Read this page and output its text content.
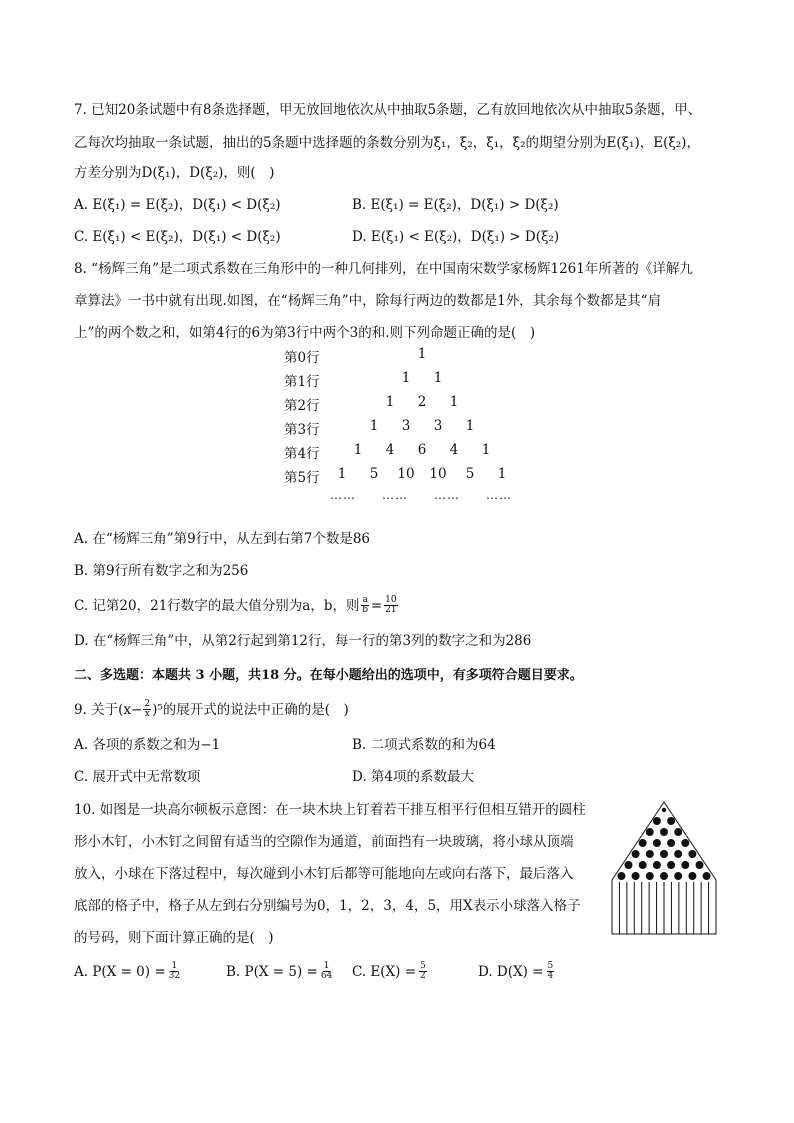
7. 已知20条试题中有8条选择题，甲无放回地依次从中抽取5条题，乙有放回地依次从中抽取5条题，甲、
乙每次均抽取一条试题，抽出的5条题中选择题的条数分别为ξ₁，ξ₂，ξ₁，ξ₂的期望分别为E(ξ₁)，E(ξ₂)，
方差分别为D(ξ₁)，D(ξ₂)，则(　)
A. E(ξ₁) = E(ξ₂)，D(ξ₁) < D(ξ₂)	B. E(ξ₁) = E(ξ₂)，D(ξ₁) > D(ξ₂)
C. E(ξ₁) < E(ξ₂)，D(ξ₁) < D(ξ₂)	D. E(ξ₁) < E(ξ₂)，D(ξ₁) > D(ξ₂)
8. “杨辉三角”是二项式系数在三角形中的一种几何排列，在中国南宋数学家杨辉1261年所著的《详解九
章算法》一书中就有出现.如图，在“杨辉三角”中，除每行两边的数都是1外，其余每个数都是其“肩
上”的两个数之和，如第4行的6为第3行中两个3的和.则下列命题正确的是(　)
第0行	1
第1行	1	1
第2行	1	2	1
第3行	1	3	3	1
第4行	1	4	6	4	1
第5行	1	5	10	10	5	1
……　　……　　……　　……
A. 在“杨辉三角”第9行中，从左到右第7个数是86
B. 第9行所有数字之和为256
C. 记第20，21行数字的最大值分别为a，b，则 $\frac{a}{b} = \frac{10}{21}$
D. 在“杨辉三角”中，从第2行起到第12行，每一行的第3列的数字之和为286
二、多选题：本题共 3 小题，共18 分。在每小题给出的选项中，有多项符合题目要求。
9. 关于$(x- \frac{2}{x} )^5$的展开式的说法中正确的是(　)
A. 各项的系数之和为−1	B. 二项式系数的和为64
C. 展开式中无常数项	D. 第4项的系数最大
10. 如图是一块高尔顿板示意图：在一块木块上钉着若干排互相平行但相互错开的圆柱
形小木钉，小木钉之间留有适当的空隙作为通道，前面挡有一块玻璃，将小球从顶端
放入，小球在下落过程中，每次碰到小木钉后都等可能地向左或向右落下，最后落入
底部的格子中，格子从左到右分别编号为0，1，2，3，4，5，用X表示小球落入格子
的号码，则下面计算正确的是(　)
A. $P(X = 0) = \frac{1}{32}$	B. $P(X = 5) = \frac{1}{64} C$. $E(X) = \frac{5}{2}$	D. $D(X) = \frac{5}{4}$
